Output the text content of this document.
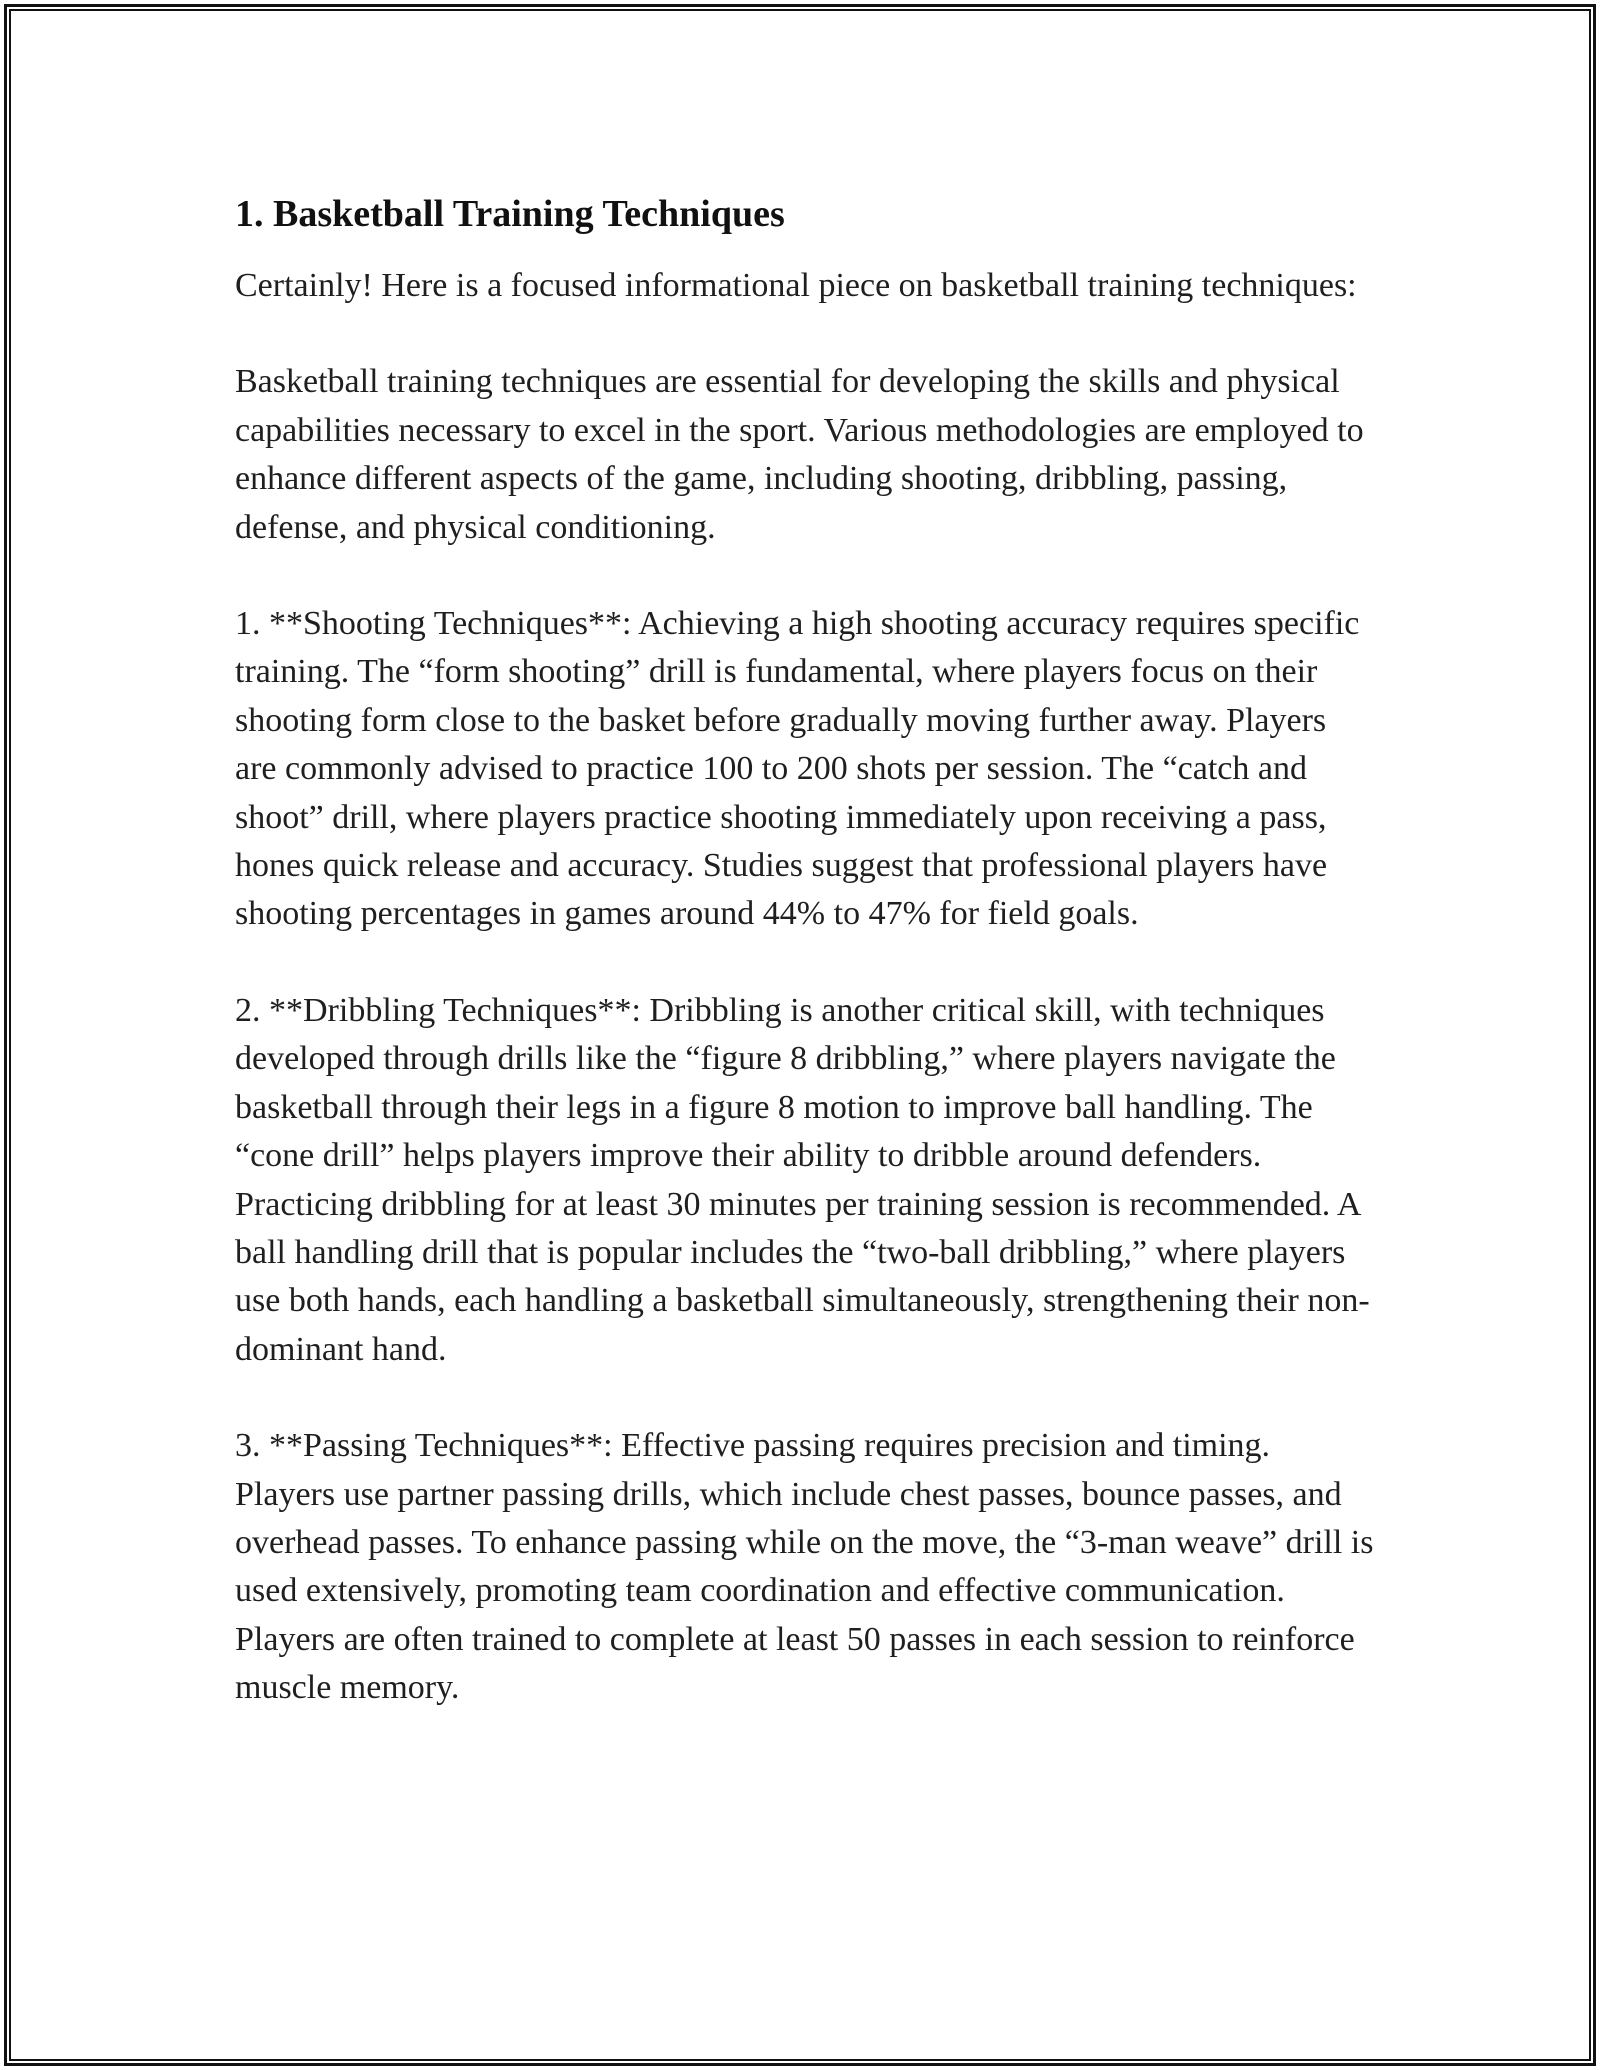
1. Basketball Training Techniques

Certainly! Here is a focused informational piece on basketball training techniques:

Basketball training techniques are essential for developing the skills and physical capabilities necessary to excel in the sport. Various methodologies are employed to enhance different aspects of the game, including shooting, dribbling, passing, defense, and physical conditioning.

1. **Shooting Techniques**: Achieving a high shooting accuracy requires specific training. The “form shooting” drill is fundamental, where players focus on their shooting form close to the basket before gradually moving further away. Players are commonly advised to practice 100 to 200 shots per session. The “catch and shoot” drill, where players practice shooting immediately upon receiving a pass, hones quick release and accuracy. Studies suggest that professional players have shooting percentages in games around 44% to 47% for field goals.

2. **Dribbling Techniques**: Dribbling is another critical skill, with techniques developed through drills like the “figure 8 dribbling,” where players navigate the basketball through their legs in a figure 8 motion to improve ball handling. The “cone drill” helps players improve their ability to dribble around defenders. Practicing dribbling for at least 30 minutes per training session is recommended. A ball handling drill that is popular includes the “two-ball dribbling,” where players use both hands, each handling a basketball simultaneously, strengthening their non-dominant hand.

3. **Passing Techniques**: Effective passing requires precision and timing. Players use partner passing drills, which include chest passes, bounce passes, and overhead passes. To enhance passing while on the move, the “3-man weave” drill is used extensively, promoting team coordination and effective communication. Players are often trained to complete at least 50 passes in each session to reinforce muscle memory.
